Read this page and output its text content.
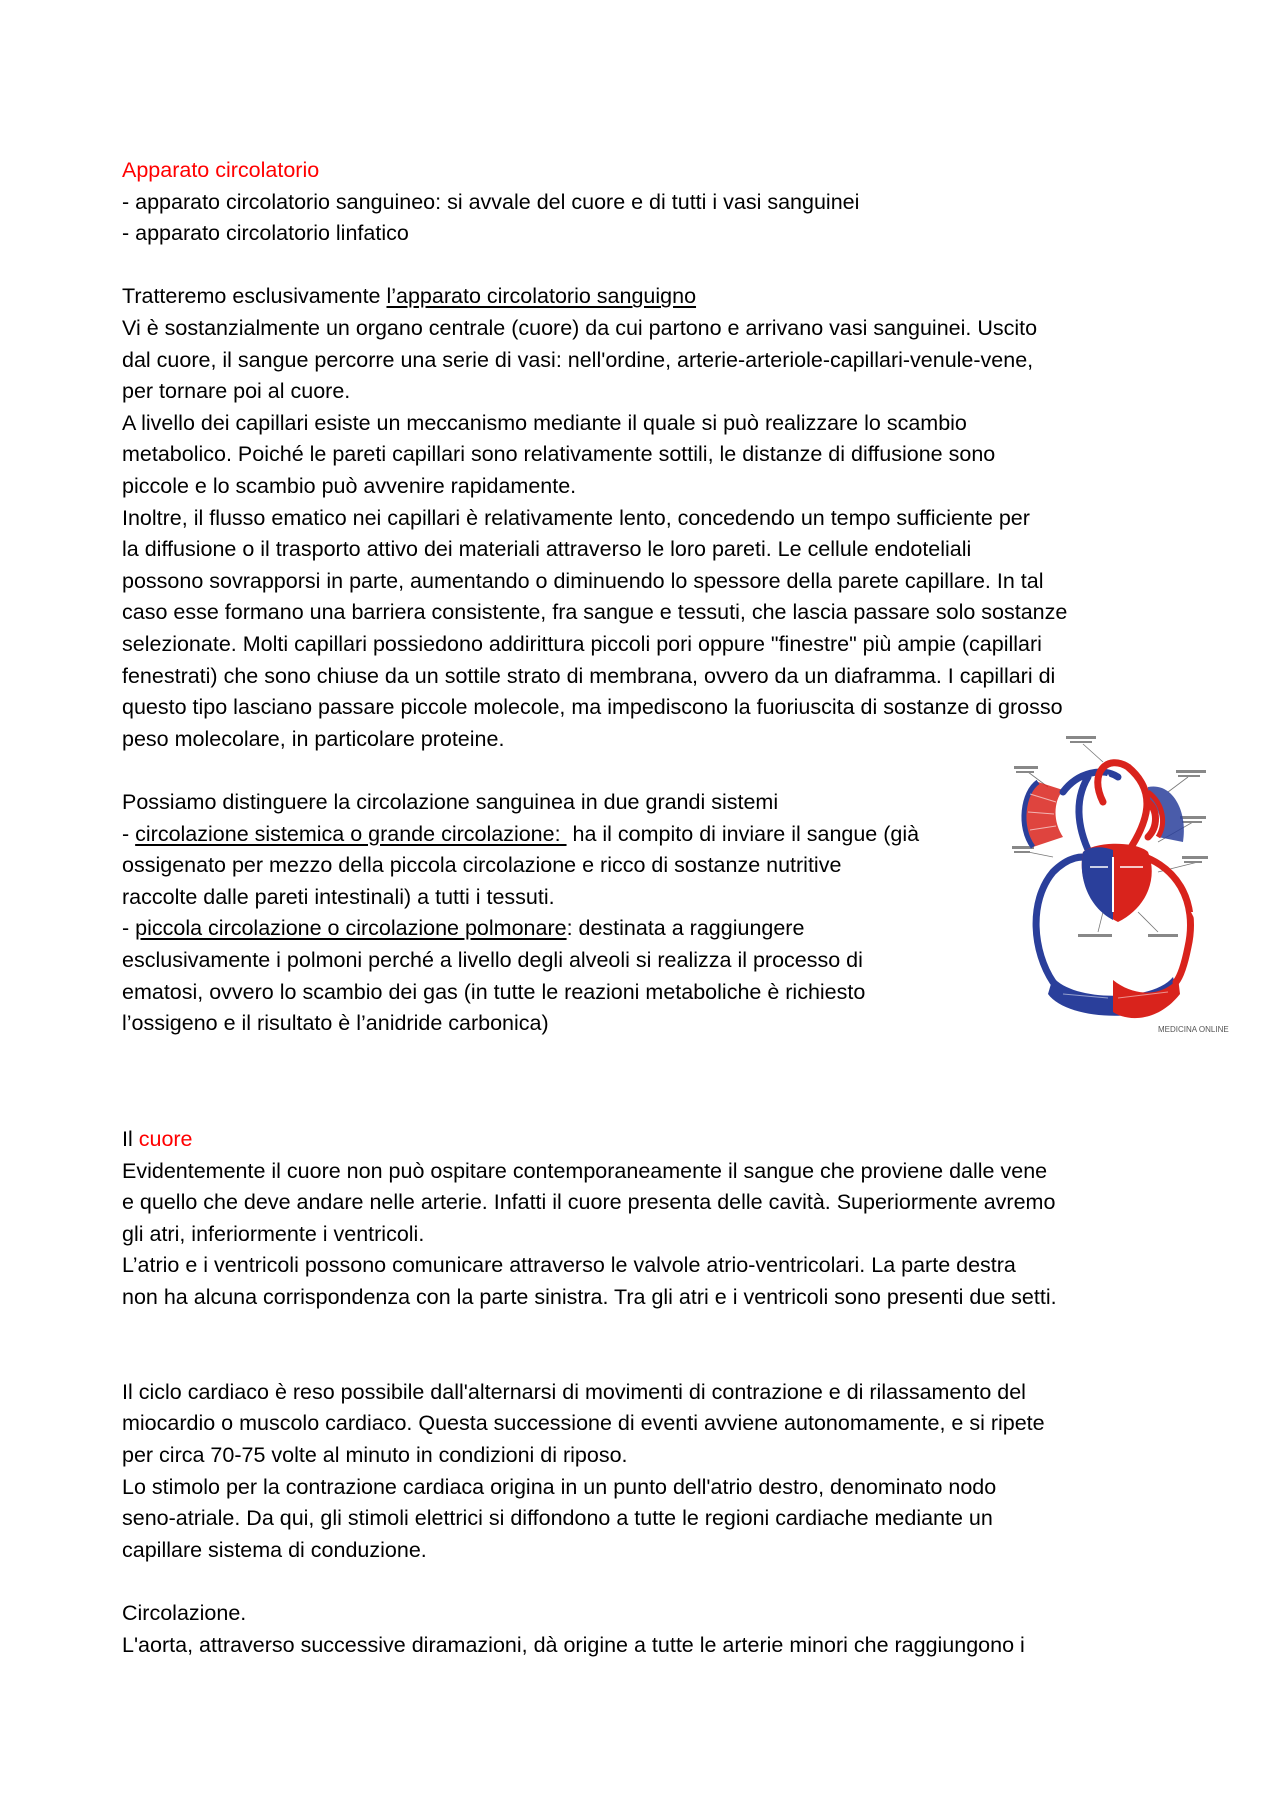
Apparato circolatorio

- apparato circolatorio sanguineo: si avvale del cuore e di tutti i vasi sanguinei

- apparato circolatorio linfatico

Tratteremo esclusivamente l’apparato circolatorio sanguigno

Vi è sostanzialmente un organo centrale (cuore) da cui partono e arrivano vasi sanguinei. Uscito

dal cuore, il sangue percorre una serie di vasi: nell'ordine, arterie-arteriole-capillari-venule-vene,

per tornare poi al cuore.

A livello dei capillari esiste un meccanismo mediante il quale si può realizzare lo scambio

metabolico. Poiché le pareti capillari sono relativamente sottili, le distanze di diffusione sono

piccole e lo scambio può avvenire rapidamente.

Inoltre, il flusso ematico nei capillari è relativamente lento, concedendo un tempo sufficiente per

la diffusione o il trasporto attivo dei materiali attraverso le loro pareti. Le cellule endoteliali

possono sovrapporsi in parte, aumentando o diminuendo lo spessore della parete capillare. In tal

caso esse formano una barriera consistente, fra sangue e tessuti, che lascia passare solo sostanze

selezionate. Molti capillari possiedono addirittura piccoli pori oppure "finestre" più ampie (capillari

fenestrati) che sono chiuse da un sottile strato di membrana, ovvero da un diaframma. I capillari di

questo tipo lasciano passare piccole molecole, ma impediscono la fuoriuscita di sostanze di grosso

peso molecolare, in particolare proteine.

Possiamo distinguere la circolazione sanguinea in due grandi sistemi

- circolazione sistemica o grande circolazione:  ha il compito di inviare il sangue (già

ossigenato per mezzo della piccola circolazione e ricco di sostanze nutritive

raccolte dalle pareti intestinali) a tutti i tessuti.

- piccola circolazione o circolazione polmonare: destinata a raggiungere

esclusivamente i polmoni perché a livello degli alveoli si realizza il processo di

ematosi, ovvero lo scambio dei gas (in tutte le reazioni metaboliche è richiesto

l’ossigeno e il risultato è l’anidride carbonica)	MEDICINA ONLINE

Il cuore

Evidentemente il cuore non può ospitare contemporaneamente il sangue che proviene dalle vene

e quello che deve andare nelle arterie. Infatti il cuore presenta delle cavità. Superiormente avremo

gli atri, inferiormente i ventricoli.

L’atrio e i ventricoli possono comunicare attraverso le valvole atrio-ventricolari. La parte destra

non ha alcuna corrispondenza con la parte sinistra. Tra gli atri e i ventricoli sono presenti due setti.

Il ciclo cardiaco è reso possibile dall'alternarsi di movimenti di contrazione e di rilassamento del

miocardio o muscolo cardiaco. Questa successione di eventi avviene autonomamente, e si ripete

per circa 70-75 volte al minuto in condizioni di riposo.

Lo stimolo per la contrazione cardiaca origina in un punto dell'atrio destro, denominato nodo

seno-atriale. Da qui, gli stimoli elettrici si diffondono a tutte le regioni cardiache mediante un

capillare sistema di conduzione.

Circolazione.

L'aorta, attraverso successive diramazioni, dà origine a tutte le arterie minori che raggiungono i
